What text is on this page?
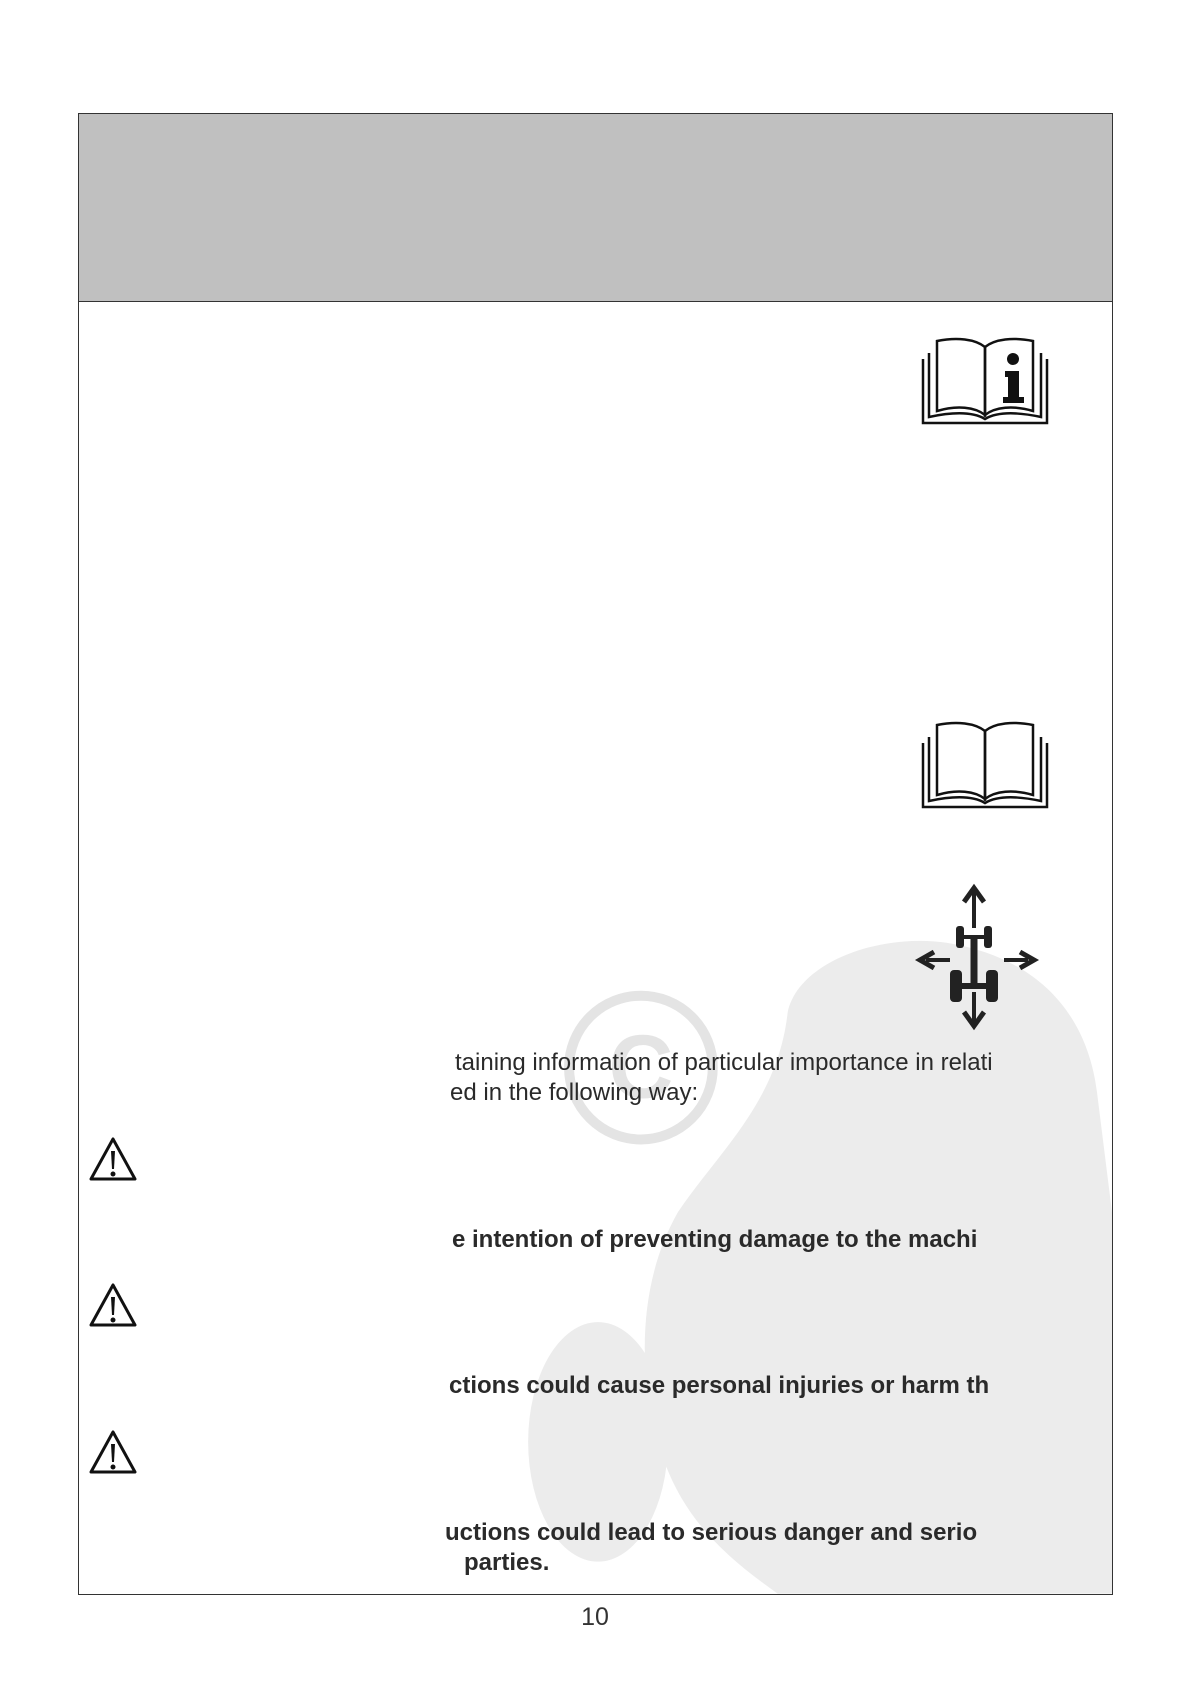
C
taining information of particular importance in relati
ed in the following way:
e intention of preventing damage to the machi
ctions could cause personal injuries or harm th
uctions could lead to serious danger and serio
parties.
10
